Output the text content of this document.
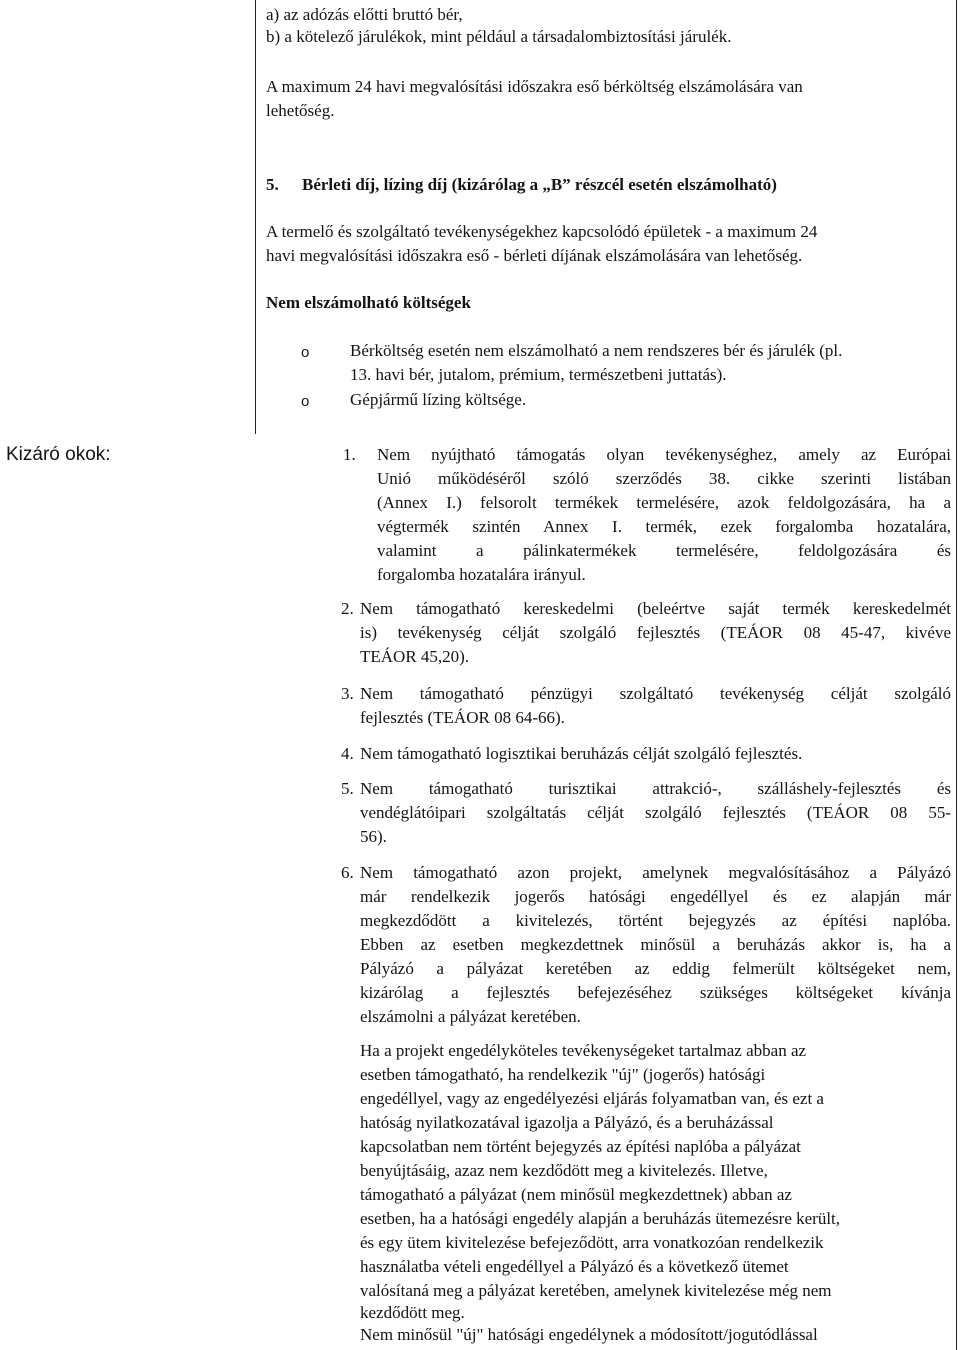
a) az adózás előtti bruttó bér,
b) a kötelező járulékok, mint például a társadalombiztosítási járulék.
A maximum 24 havi megvalósítási időszakra eső bérköltség elszámolására van
lehetőség.
5. Bérleti díj, lízing díj (kizárólag a „B” részcél esetén elszámolható)
A termelő és szolgáltató tevékenységekhez kapcsolódó épületek - a maximum 24
havi megvalósítási időszakra eső - bérleti díjának elszámolására van lehetőség.
Nem elszámolható költségek
o Bérköltség esetén nem elszámolható a nem rendszeres bér és járulék (pl.
13. havi bér, jutalom, prémium, természetbeni juttatás).
o Gépjármű lízing költsége.
Kizáró okok:	1. Nem nyújtható támogatás olyan tevékenységhez, amely az Európai
Unió működéséről szóló szerződés 38. cikke szerinti listában
(Annex I.) felsorolt termékek termelésére, azok feldolgozására, ha a
végtermék szintén Annex I. termék, ezek forgalomba hozatalára,
valamint a pálinkatermékek termelésére, feldolgozására és
forgalomba hozatalára irányul.
2. Nem támogatható kereskedelmi (beleértve saját termék kereskedelmét
is) tevékenység célját szolgáló fejlesztés (TEÁOR 08 45-47, kivéve
TEÁOR 45,20).
3. Nem támogatható pénzügyi szolgáltató tevékenység célját szolgáló
fejlesztés (TEÁOR 08 64-66).
4. Nem támogatható logisztikai beruházás célját szolgáló fejlesztés.
5. Nem támogatható turisztikai attrakció-, szálláshely-fejlesztés és
vendéglátóipari szolgáltatás célját szolgáló fejlesztés (TEÁOR 08 55-
56).
6. Nem támogatható azon projekt, amelynek megvalósításához a Pályázó
már rendelkezik jogerős hatósági engedéllyel és ez alapján már
megkezdődött a kivitelezés, történt bejegyzés az építési naplóba.
Ebben az esetben megkezdettnek minősül a beruházás akkor is, ha a
Pályázó a pályázat keretében az eddig felmerült költségeket nem,
kizárólag a fejlesztés befejezéséhez szükséges költségeket kívánja
elszámolni a pályázat keretében.
Ha a projekt engedélyköteles tevékenységeket tartalmaz abban az
esetben támogatható, ha rendelkezik "új" (jogerős) hatósági
engedéllyel, vagy az engedélyezési eljárás folyamatban van, és ezt a
hatóság nyilatkozatával igazolja a Pályázó, és a beruházással
kapcsolatban nem történt bejegyzés az építési naplóba a pályázat
benyújtásáig, azaz nem kezdődött meg a kivitelezés. Illetve,
támogatható a pályázat (nem minősül megkezdettnek) abban az
esetben, ha a hatósági engedély alapján a beruházás ütemezésre került,
és egy ütem kivitelezése befejeződött, arra vonatkozóan rendelkezik
használatba vételi engedéllyel a Pályázó és a következő ütemet
valósítaná meg a pályázat keretében, amelynek kivitelezése még nem
kezdődött meg.
Nem minősül "új" hatósági engedélynek a módosított/jogutódlással
